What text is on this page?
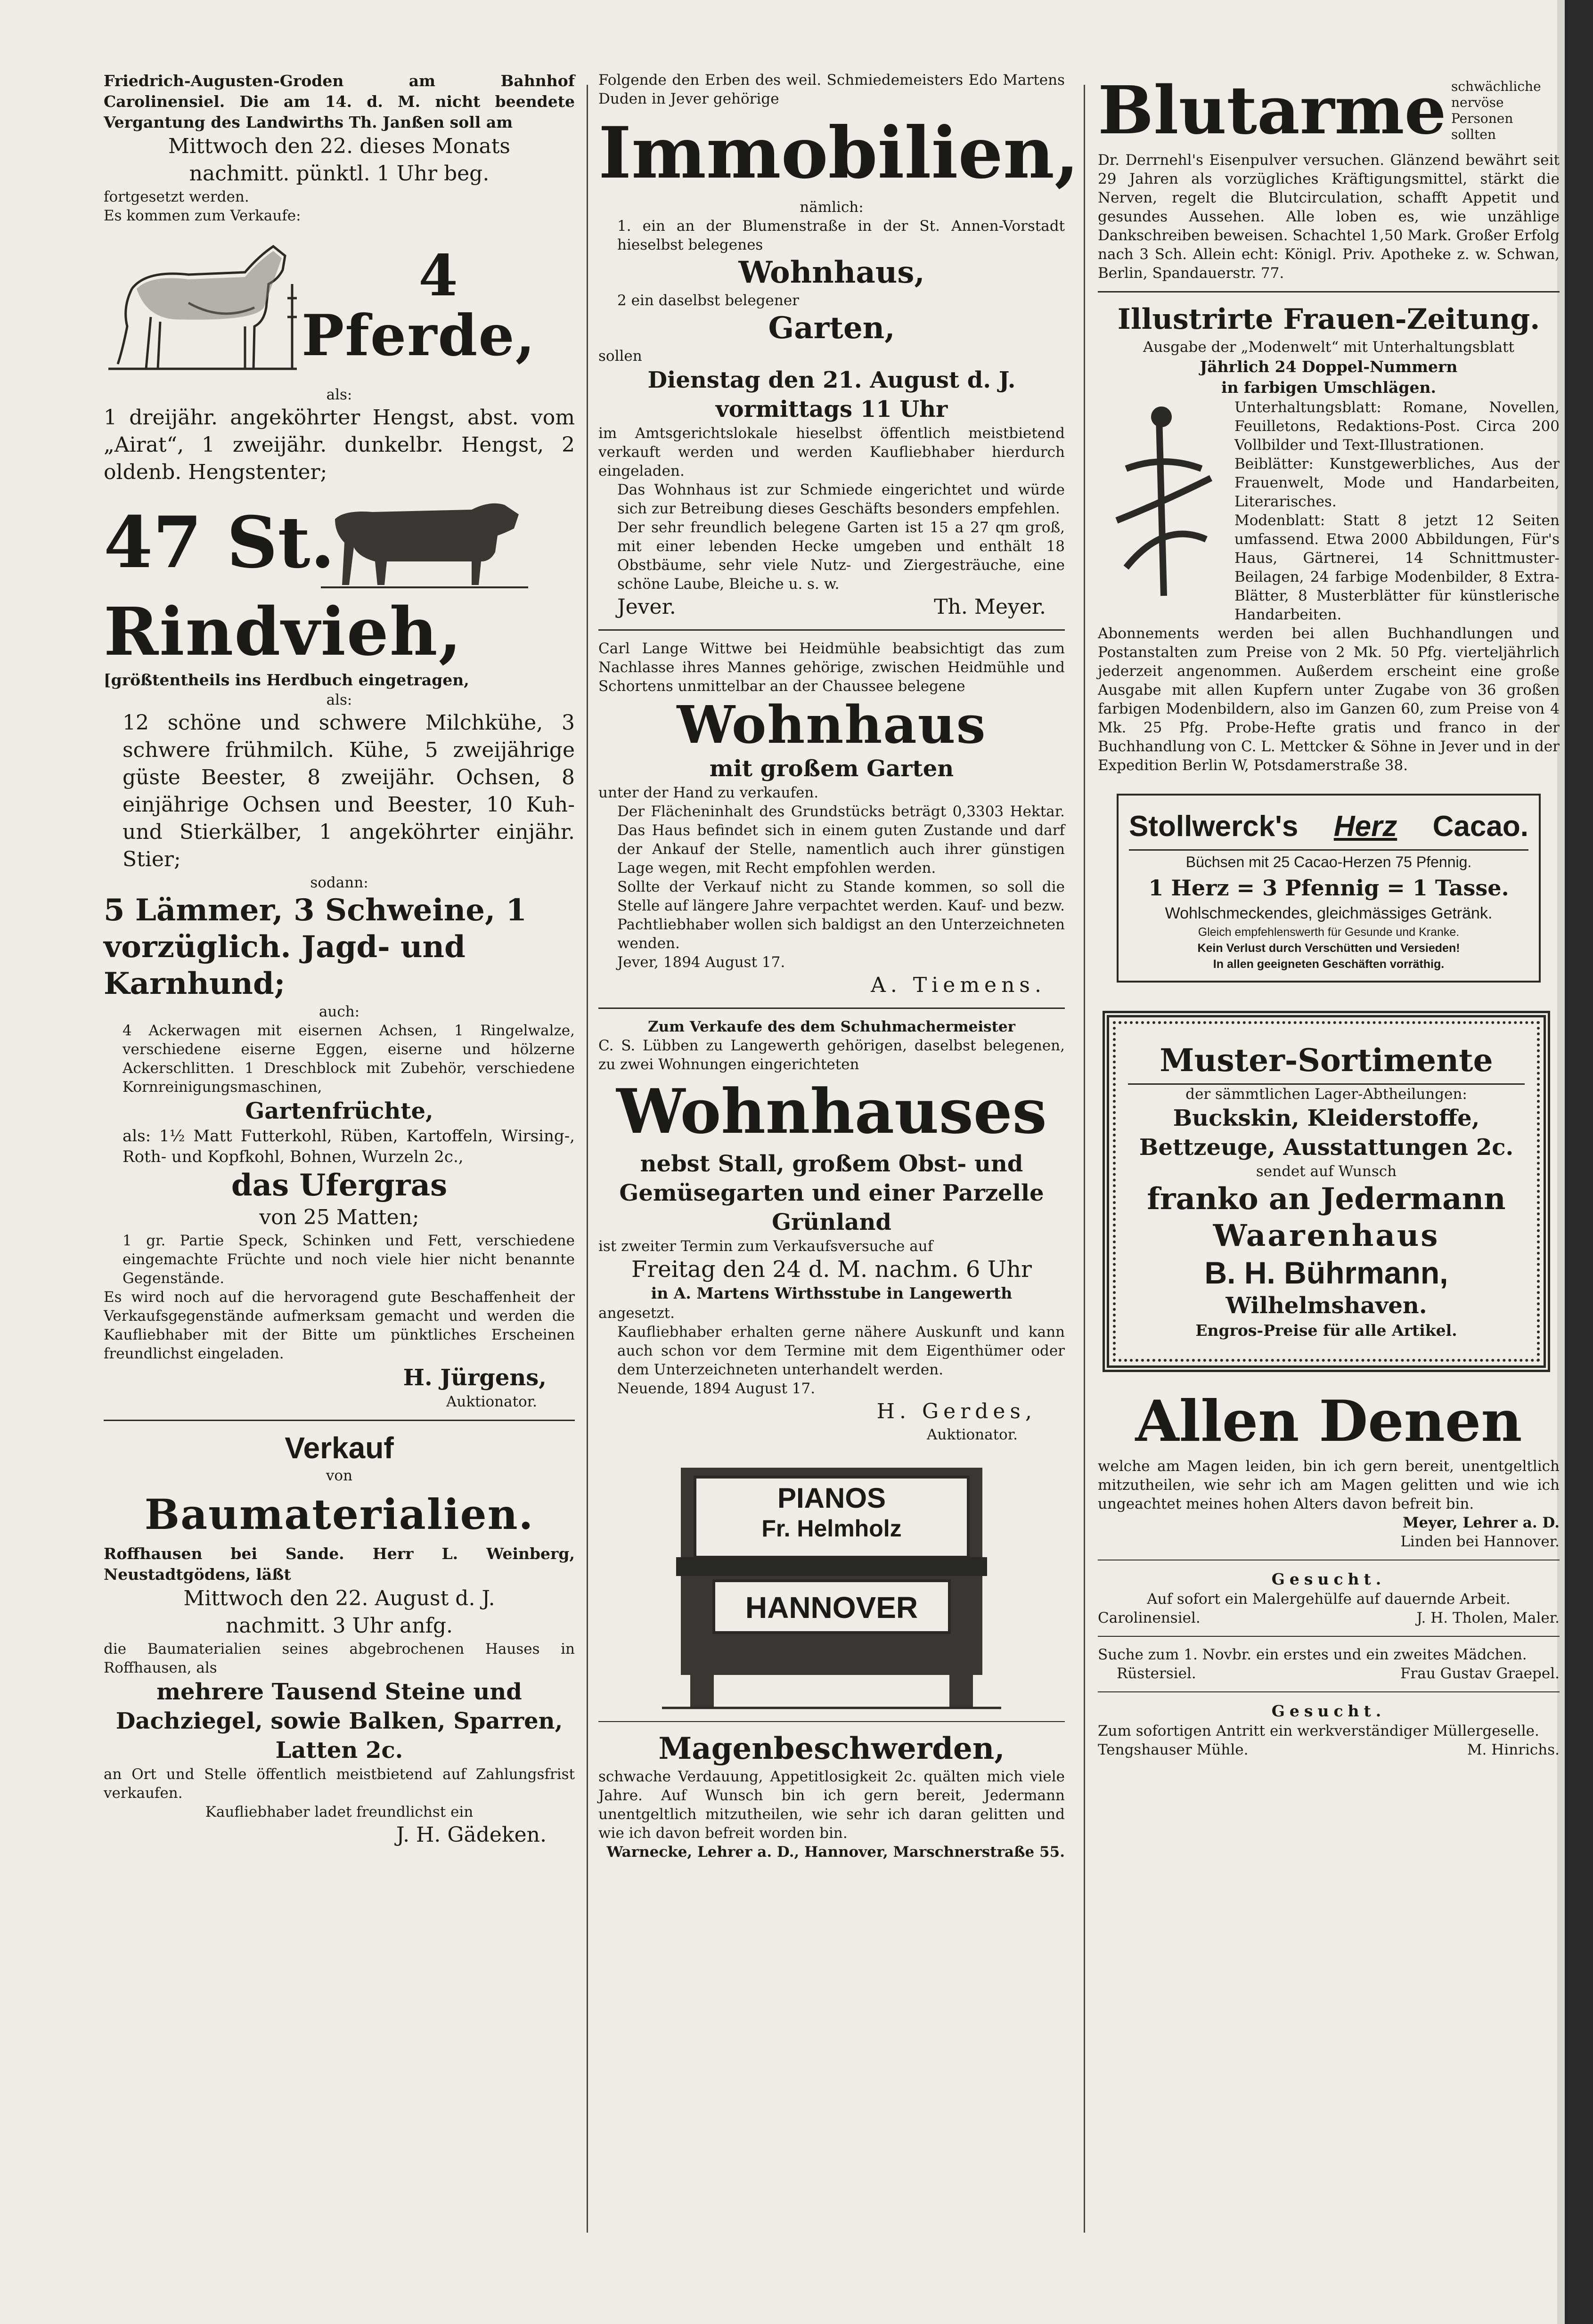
Friedrich-Augusten-Groden am Bahnhof Carolinensiel. Die am 14. d. M. nicht beendete Vergantung des Landwirths Th. Janßen soll am
Mittwoch den 22. dieses Monats
nachmitt. pünktl. 1 Uhr beg.
fortgesetzt werden.
Es kommen zum Verkaufe:
4
Pferde,
als:
1 dreijähr. angeköhrter Hengst, abst. vom „Airat“, 1 zweijähr. dunkelbr. Hengst, 2 oldenb. Hengstenter;
47 St.
Rindvieh,
[größtentheils ins Herdbuch eingetragen,
als:
12 schöne und schwere Milchkühe, 3 schwere frühmilch. Kühe, 5 zweijährige güste Beester, 8 zweijähr. Ochsen, 8 einjährige Ochsen und Beester, 10 Kuh- und Stierkälber, 1 angeköhrter einjähr. Stier;
sodann:
5 Lämmer, 3 Schweine, 1 vorzüglich. Jagd- und Karnhund;
auch:
4 Ackerwagen mit eisernen Achsen, 1 Ringelwalze, verschiedene eiserne Eggen, eiserne und hölzerne Ackerschlitten. 1 Dreschblock mit Zubehör, verschiedene Kornreinigungsmaschinen,
Gartenfrüchte,
als: 1½ Matt Futterkohl, Rüben, Kartoffeln, Wirsing-, Roth- und Kopfkohl, Bohnen, Wurzeln 2c.,
das Ufergras
von 25 Matten;
1 gr. Partie Speck, Schinken und Fett, verschiedene eingemachte Früchte und noch viele hier nicht benannte Gegenstände.
Es wird noch auf die hervoragend gute Beschaffenheit der Verkaufsgegenstände aufmerksam gemacht und werden die Kaufliebhaber mit der Bitte um pünktliches Erscheinen freundlichst eingeladen.
H. Jürgens,
Auktionator.
Verkauf
von
Baumaterialien.
Roffhausen bei Sande. Herr L. Weinberg, Neustadtgödens, läßt
Mittwoch den 22. August d. J.
nachmitt. 3 Uhr anfg.
die Baumaterialien seines abgebrochenen Hauses in Roffhausen, als
mehrere Tausend Steine und Dachziegel, sowie Balken, Sparren, Latten 2c.
an Ort und Stelle öffentlich meistbietend auf Zahlungsfrist verkaufen.
Kaufliebhaber ladet freundlichst ein
J. H. Gädeken.
Folgende den Erben des weil. Schmiedemeisters Edo Martens Duden in Jever gehörige
Immobilien,
nämlich:
1. ein an der Blumenstraße in der St. Annen-Vorstadt hieselbst belegenes
Wohnhaus,
2 ein daselbst belegener
Garten,
sollen
Dienstag den 21. August d. J.
vormittags 11 Uhr
im Amtsgerichtslokale hieselbst öffentlich meistbietend verkauft werden und werden Kaufliebhaber hierdurch eingeladen.
Das Wohnhaus ist zur Schmiede eingerichtet und würde sich zur Betreibung dieses Geschäfts besonders empfehlen.
Der sehr freundlich belegene Garten ist 15 a 27 qm groß, mit einer lebenden Hecke umgeben und enthält 18 Obstbäume, sehr viele Nutz- und Ziergesträuche, eine schöne Laube, Bleiche u. s. w.
Jever.	Th. Meyer.
Carl Lange Wittwe bei Heidmühle beabsichtigt das zum Nachlasse ihres Mannes gehörige, zwischen Heidmühle und Schortens unmittelbar an der Chaussee belegene
Wohnhaus
mit großem Garten
unter der Hand zu verkaufen.
Der Flächeninhalt des Grundstücks beträgt 0,3303 Hektar. Das Haus befindet sich in einem guten Zustande und darf der Ankauf der Stelle, namentlich auch ihrer günstigen Lage wegen, mit Recht empfohlen werden.
Sollte der Verkauf nicht zu Stande kommen, so soll die Stelle auf längere Jahre verpachtet werden. Kauf- und bezw. Pachtliebhaber wollen sich baldigst an den Unterzeichneten wenden.
Jever, 1894 August 17.
A. Tiemens.
Zum Verkaufe des dem Schuhmachermeister
C. S. Lübben zu Langewerth gehörigen, daselbst belegenen, zu zwei Wohnungen eingerichteten
Wohnhauses
nebst Stall, großem Obst- und Gemüsegarten und einer Parzelle Grünland
ist zweiter Termin zum Verkaufsversuche auf
Freitag den 24 d. M. nachm. 6 Uhr
in A. Martens Wirthsstube in Langewerth
angesetzt.
Kaufliebhaber erhalten gerne nähere Auskunft und kann auch schon vor dem Termine mit dem Eigenthümer oder dem Unterzeichneten unterhandelt werden.
Neuende, 1894 August 17.
H. Gerdes,
Auktionator.
PIANOS
Fr. Helmholz
HANNOVER
Magenbeschwerden,
schwache Verdauung, Appetitlosigkeit 2c. quälten mich viele Jahre. Auf Wunsch bin ich gern bereit, Jedermann unentgeltlich mitzutheilen, wie sehr ich daran gelitten und wie ich davon befreit worden bin.
Warnecke, Lehrer a. D., Hannover, Marschnerstraße 55.
Blutarme schwächliche nervöse Personen sollten
Dr. Derrnehl's Eisenpulver versuchen. Glänzend bewährt seit 29 Jahren als vorzügliches Kräftigungsmittel, stärkt die Nerven, regelt die Blutcirculation, schafft Appetit und gesundes Aussehen. Alle loben es, wie unzählige Dankschreiben beweisen. Schachtel 1,50 Mark. Großer Erfolg nach 3 Sch. Allein echt: Königl. Priv. Apotheke z. w. Schwan, Berlin, Spandauerstr. 77.
Illustrirte Frauen-Zeitung.
Ausgabe der „Modenwelt“ mit Unterhaltungsblatt
Jährlich 24 Doppel-Nummern
in farbigen Umschlägen.
Unterhaltungsblatt: Romane, Novellen, Feuilletons, Redaktions-Post. Circa 200 Vollbilder und Text-Illustrationen.
Beiblätter: Kunstgewerbliches, Aus der Frauenwelt, Mode und Handarbeiten, Literarisches.
Modenblatt: Statt 8 jetzt 12 Seiten umfassend. Etwa 2000 Abbildungen, Für's Haus, Gärtnerei, 14 Schnittmuster-Beilagen, 24 farbige Modenbilder, 8 Extra-Blätter, 8 Musterblätter für künstlerische Handarbeiten.
Abonnements werden bei allen Buchhandlungen und Postanstalten zum Preise von 2 Mk. 50 Pfg. vierteljährlich jederzeit angenommen. Außerdem erscheint eine große Ausgabe mit allen Kupfern unter Zugabe von 36 großen farbigen Modenbildern, also im Ganzen 60, zum Preise von 4 Mk. 25 Pfg. Probe-Hefte gratis und franco in der Buchhandlung von C. L. Mettcker & Söhne in Jever und in der Expedition Berlin W, Potsdamerstraße 38.
Stollwerck's Herz Cacao.
Büchsen mit 25 Cacao-Herzen 75 Pfennig.
1 Herz = 3 Pfennig = 1 Tasse.
Wohlschmeckendes, gleichmässiges Getränk.
Gleich empfehlenswerth für Gesunde und Kranke.
Kein Verlust durch Verschütten und Versieden!
In allen geeigneten Geschäften vorräthig.
Muster-Sortimente
der sämmtlichen Lager-Abtheilungen:
Buckskin, Kleiderstoffe, Bettzeuge, Ausstattungen 2c.
sendet auf Wunsch
franko an Jedermann
Waarenhaus
B. H. Bührmann,
Wilhelmshaven.
Engros-Preise für alle Artikel.
Allen Denen
welche am Magen leiden, bin ich gern bereit, unentgeltlich mitzutheilen, wie sehr ich am Magen gelitten und wie ich ungeachtet meines hohen Alters davon befreit bin.
Meyer, Lehrer a. D.
Linden bei Hannover.
Gesucht.
Auf sofort ein Malergehülfe auf dauernde Arbeit.
Carolinensiel.	J. H. Tholen, Maler.
Suche zum 1. Novbr. ein erstes und ein zweites Mädchen.
Rüstersiel.	Frau Gustav Graepel.
Gesucht.
Zum sofortigen Antritt ein werkverständiger Müllergeselle.
Tengshauser Mühle.	M. Hinrichs.
